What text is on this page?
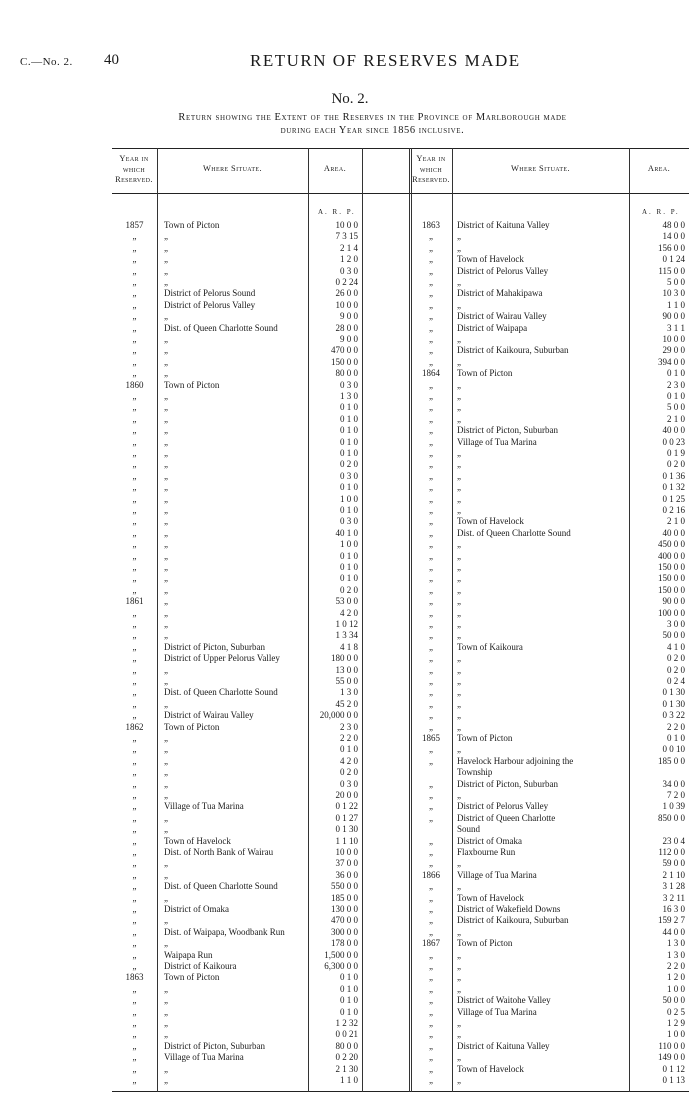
C.—No. 2. 40	RETURN OF RESERVES MADE
No. 2.
Return showing the Extent of the Reserves in the Province of Marlborough made
during each Year since 1856 inclusive.
Year in which Reserved.
Where Situate.	Area.
Year in which Reserved.
Where Situate.	Area.
A. R. P.	A. R. P.
1857	Town of Picton	10 0 0
„	„	7 3 15
„	„	2 1 4
„	„	1 2 0
„	„	0 3 0
„	„	0 2 24
„	District of Pelorus Sound	26 0 0
„	District of Pelorus Valley	10 0 0
„	„	9 0 0
„	Dist. of Queen Charlotte Sound	28 0 0
„	„	9 0 0
„	„	470 0 0
„	„	150 0 0
„	„	80 0 0
1860	Town of Picton	0 3 0
„	„	1 3 0
„	„	0 1 0
„	„	0 1 0
„	„	0 1 0
„	„	0 1 0
„	„	0 1 0
„	„	0 2 0
„	„	0 3 0
„	„	0 1 0
„	„	1 0 0
„	„	0 1 0
„	„	0 3 0
„	„	40 1 0
„	„	1 0 0
„	„	0 1 0
„	„	0 1 0
„	„	0 1 0
„	„	0 2 0
1861	„	53 0 0
„	„	4 2 0
„	„	1 0 12
„	„	1 3 34
„	District of Picton, Suburban	4 1 8
„	District of Upper Pelorus Valley	180 0 0
„	„	13 0 0
„	„	55 0 0
„	Dist. of Queen Charlotte Sound	1 3 0
„	„	45 2 0
„	District of Wairau Valley	20,000 0 0
1862	Town of Picton	2 3 0
„	„	2 2 0
„	„	0 1 0
„	„	4 2 0
„	„	0 2 0
„	„	0 3 0
„	„	20 0 0
„	Village of Tua Marina	0 1 22
„	„	0 1 27
„	„	0 1 30
„	Town of Havelock	1 1 10
„	Dist. of North Bank of Wairau	10 0 0
„	„	37 0 0
„	„	36 0 0
„	Dist. of Queen Charlotte Sound	550 0 0
„	„	185 0 0
„	District of Omaka	130 0 0
„	„	470 0 0
„	Dist. of Waipapa, Woodbank Run	300 0 0
„	„	178 0 0
„	Waipapa Run	1,500 0 0
„	District of Kaikoura	6,300 0 0
1863	Town of Picton	0 1 0
„	„	0 1 0
„	„	0 1 0
„	„	0 1 0
„	„	1 2 32
„	„	0 0 21
„	District of Picton, Suburban	80 0 0
„	Village of Tua Marina	0 2 20
„	„	2 1 30
„	„	1 1 0
1863	District of Kaituna Valley	48 0 0
„	„	14 0 0
„	„	156 0 0
„	Town of Havelock	0 1 24
„	District of Pelorus Valley	115 0 0
„	„	5 0 0
„	District of Mahakipawa	10 3 0
„	„	1 1 0
„	District of Wairau Valley	90 0 0
„	District of Waipapa	3 1 1
„	„	10 0 0
„	District of Kaikoura, Suburban	29 0 0
„	„	394 0 0
1864	Town of Picton	0 1 0
„	„	2 3 0
„	„	0 1 0
„	„	5 0 0
„	„	2 1 0
„	District of Picton, Suburban	40 0 0
„	Village of Tua Marina	0 0 23
„	„	0 1 9
„	„	0 2 0
„	„	0 1 36
„	„	0 1 32
„	„	0 1 25
„	„	0 2 16
„	Town of Havelock	2 1 0
„	Dist. of Queen Charlotte Sound	40 0 0
„	„	450 0 0
„	„	400 0 0
„	„	150 0 0
„	„	150 0 0
„	„	150 0 0
„	„	90 0 0
„	„	100 0 0
„	„	3 0 0
„	„	50 0 0
„	Town of Kaikoura	4 1 0
„	„	0 2 0
„	„	0 2 0
„	„	0 2 4
„	„	0 1 30
„	„	0 1 30
„	„	0 3 22
„	„	2 2 0
1865	Town of Picton	0 1 0
„	„	0 0 10
„	Havelock Harbour adjoining the	185 0 0
Township
„	District of Picton, Suburban	34 0 0
„	„	7 2 0
„	District of Pelorus Valley	1 0 39
„	District of Queen Charlotte	850 0 0
Sound
„	District of Omaka	23 0 4
„	Flaxbourne Run	112 0 0
„	„	59 0 0
1866	Village of Tua Marina	2 1 10
„	„	3 1 28
„	Town of Havelock	3 2 11
„	District of Wakefield Downs	16 3 0
„	District of Kaikoura, Suburban	159 2 7
„	„	44 0 0
1867	Town of Picton	1 3 0
„	„	1 3 0
„	„	2 2 0
„	„	1 2 0
„	„	1 0 0
„	District of Waitohe Valley	50 0 0
„	Village of Tua Marina	0 2 5
„	„	1 2 9
„	„	1 0 0
„	District of Kaituna Valley	110 0 0
„	„	149 0 0
„	Town of Havelock	0 1 12
„	„	0 1 13
